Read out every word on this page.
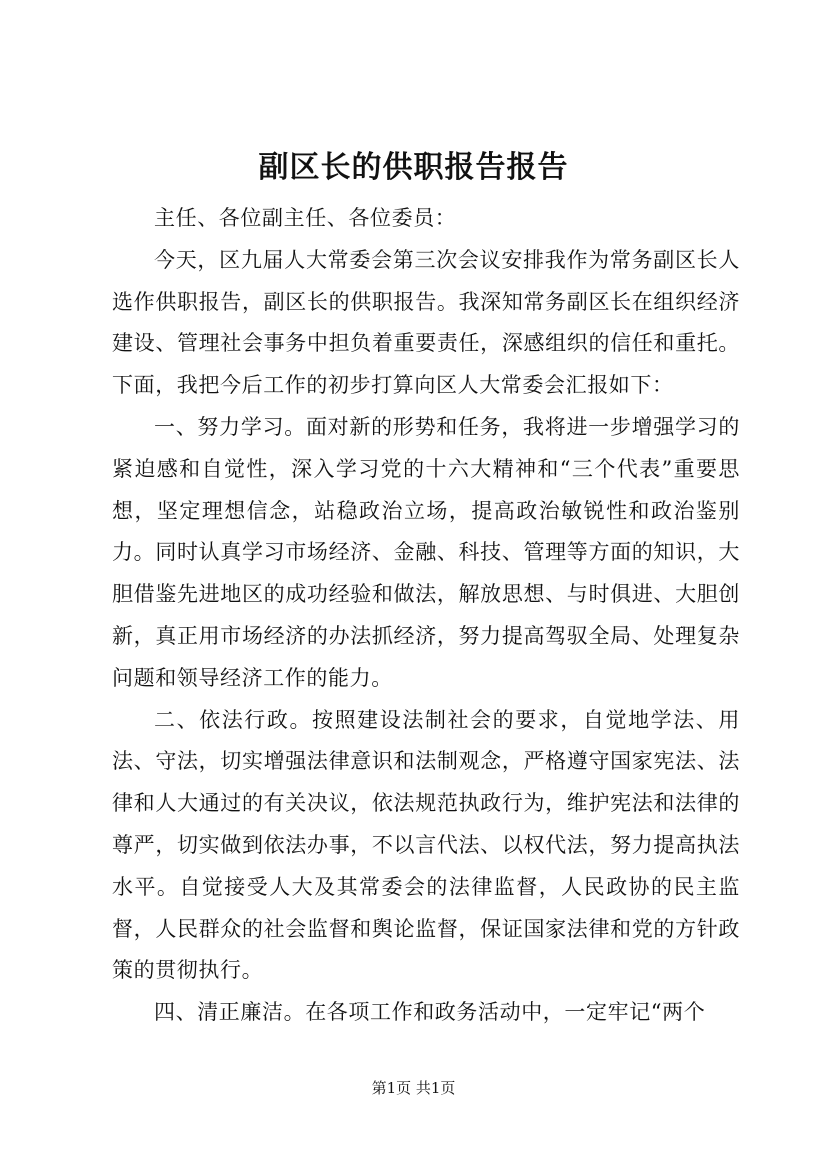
副区长的供职报告报告

主任、各位副主任、各位委员：

今天，区九届人大常委会第三次会议安排我作为常务副区长人选作供职报告，副区长的供职报告。我深知常务副区长在组织经济建设、管理社会事务中担负着重要责任，深感组织的信任和重托。下面，我把今后工作的初步打算向区人大常委会汇报如下：

一、努力学习。面对新的形势和任务，我将进一步增强学习的紧迫感和自觉性，深入学习党的十六大精神和“三个代表”重要思想，坚定理想信念，站稳政治立场，提高政治敏锐性和政治鉴别力。同时认真学习市场经济、金融、科技、管理等方面的知识，大胆借鉴先进地区的成功经验和做法，解放思想、与时俱进、大胆创新，真正用市场经济的办法抓经济，努力提高驾驭全局、处理复杂问题和领导经济工作的能力。

二、依法行政。按照建设法制社会的要求，自觉地学法、用法、守法，切实增强法律意识和法制观念，严格遵守国家宪法、法律和人大通过的有关决议，依法规范执政行为，维护宪法和法律的尊严，切实做到依法办事，不以言代法、以权代法，努力提高执法水平。自觉接受人大及其常委会的法律监督，人民政协的民主监督，人民群众的社会监督和舆论监督，保证国家法律和党的方针政策的贯彻执行。

四、清正廉洁。在各项工作和政务活动中，一定牢记“两个

第1页 共1页
